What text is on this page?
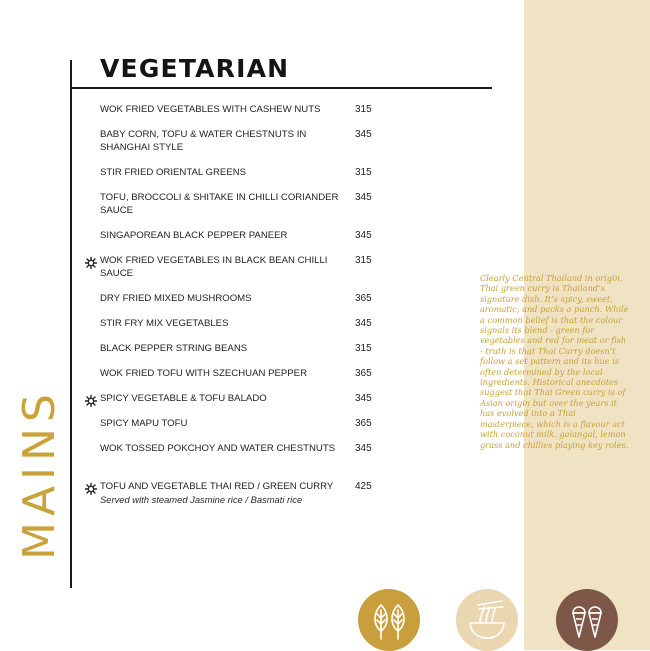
VEGETARIAN
MAINS
WOK FRIED VEGETABLES WITH CASHEW NUTS	315
BABY CORN, TOFU & WATER CHESTNUTS IN SHANGHAI STYLE
345
STIR FRIED ORIENTAL GREENS	315
TOFU, BROCCOLI & SHITAKE IN CHILLI CORIANDER SAUCE
345
SINGAPOREAN BLACK PEPPER PANEER	345
WOK FRIED VEGETABLES IN BLACK BEAN CHILLI SAUCE
315
DRY FRIED MIXED MUSHROOMS	365
STIR FRY MIX VEGETABLES	345
BLACK PEPPER STRING BEANS	315
WOK FRIED TOFU WITH SZECHUAN PEPPER	365
SPICY VEGETABLE & TOFU BALADO	345
SPICY MAPU TOFU	365
WOK TOSSED POKCHOY AND WATER CHESTNUTS	345
TOFU AND VEGETABLE THAI RED / GREEN CURRY
Served with steamed Jasmine rice / Basmati rice
425

Clearly Central Thailand in origin, Thai green curry is Thailand’s signature dish. It’s spicy, sweet, aromatic, and packs a punch. While a common belief is that the colour signals its blend - green for vegetables and red for meat or fish - truth is that Thai Curry doesn’t follow a set pattern and its hue is often determined by the local ingredients. Historical anecdotes suggest that Thai Green curry is of Asian origin but over the years it has evolved into a Thai masterpiece, which is a flavour act with coconut milk, galangal, lemon grass and chillies playing key roles.
